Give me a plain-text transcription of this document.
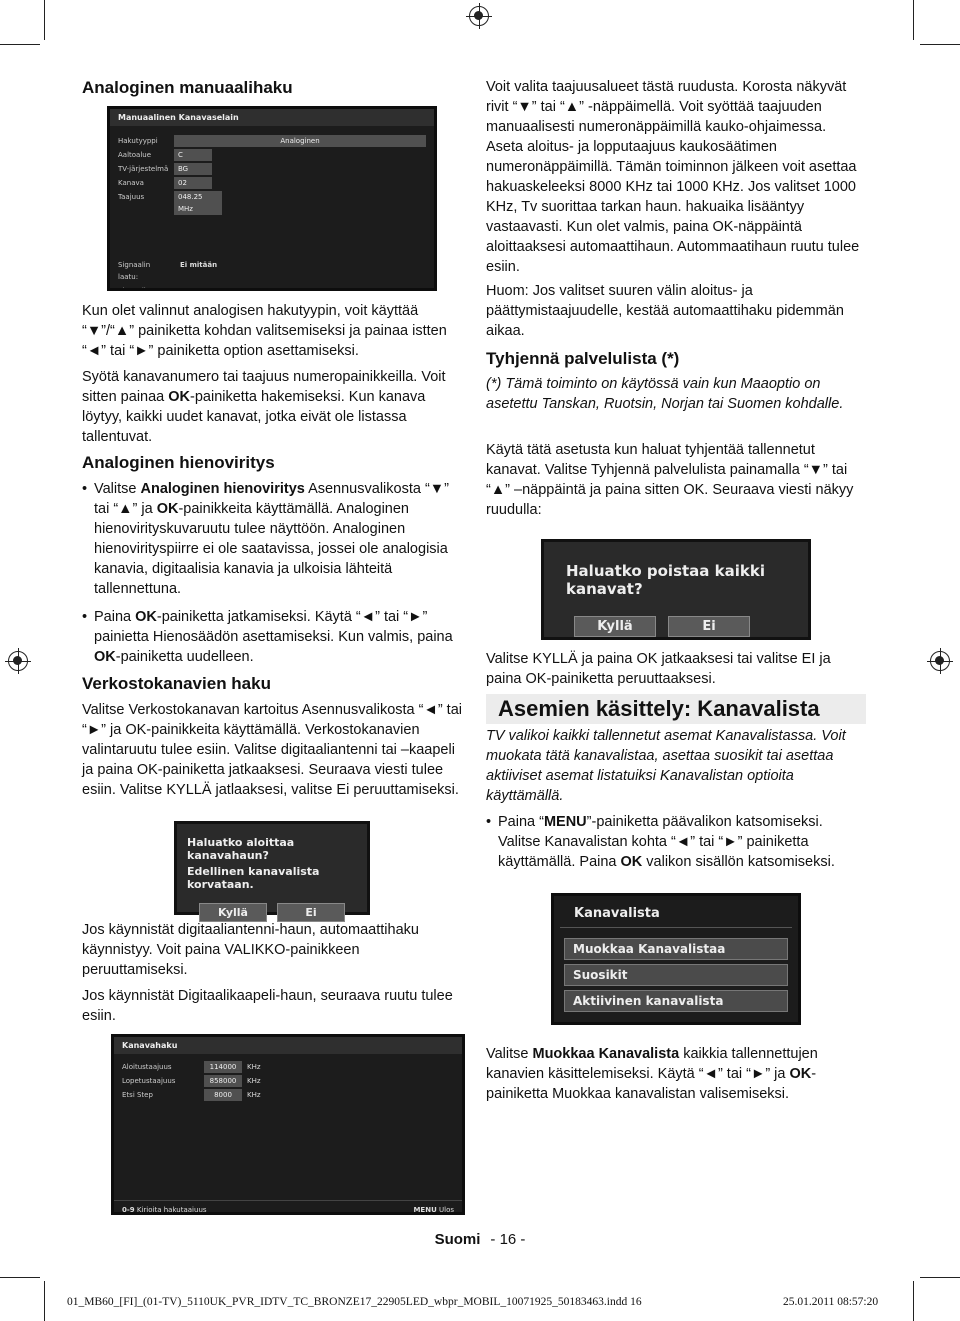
Analoginen manuaalihaku
Manuaalinen Kanavaselain
Hakutyyppi	Analoginen
Aaltoalue	C
TV-järjestelmä	BG
Kanava	02
Taajuus	048.25 MHz
Signaalin laatu:
Ei mitään
Signaalin taso:

Kun olet valinnut analogisen hakutyypin, voit käyttää “▼”/“▲” painiketta kohdan valitsemiseksi ja painaa istten “◄” tai “►” painiketta option asettamiseksi.

Syötä kanavanumero tai taajuus numeropainikkeilla. Voit sitten painaa OK-painiketta hakemiseksi. Kun kanava löytyy, kaikki uudet kanavat, jotka eivät ole listassa tallentuvat.

Analoginen hienoviritys
• Valitse Analoginen hienoviritys Asennusvalikosta “▼” tai “▲” ja OK-painikkeita käyttämällä. Analoginen hienovirityskuvaruutu tulee näyttöön. Analoginen hienovirityspiirre ei ole saatavissa, jossei ole analogisia kanavia, digitaalisia kanavia ja ulkoisia lähteitä tallennettuna.
• Paina OK-painiketta jatkamiseksi. Käytä “◄” tai “►” painietta Hienosäädön asettamiseksi. Kun valmis, paina OK-painiketta uudelleen.
Verkostokanavien haku

Valitse Verkostokanavan kartoitus Asennusvalikosta “◄” tai “►” ja OK-painikkeita käyttämällä. Verkostokanavien valintaruutu tulee esiin. Valitse digitaaliantenni tai –kaapeli ja paina OK-painiketta jatkaaksesi. Seuraava viesti tulee esiin. Valitse KYLLÄ jatlaaksesi, valitse Ei peruuttamiseksi.

Haluatko aloittaa kanavahaun?
Edellinen kanavalista korvataan.
Kyllä	Ei

Jos käynnistät digitaaliantenni-haun, automaattihaku käynnistyy. Voit paina VALIKKO-painikkeen peruuttamiseksi.

Jos käynnistät Digitaalikaapeli-haun, seuraava ruutu tulee esiin.

Kanavahaku
Aloitustaajuus	114000	KHz
Lopetustaajuus	858000	KHz
Etsi Step	8000	KHz
0-9 Kirjoita hakutaajuus	MENU Ulos

Voit valita taajuusalueet tästä ruudusta. Korosta näkyvät rivit “▼” tai “▲” -näppäimellä. Voit syöttää taajuuden manuaalisesti numeronäppäimillä kauko-ohjaimessa. Aseta aloitus- ja lopputaajuus kaukosäätimen numeronäppäimillä. Tämän toiminnon jälkeen voit asettaa hakuaskeleeksi 8000 KHz tai 1000 KHz. Jos valitset 1000 KHz, Tv suorittaa tarkan haun. hakuaika lisääntyy vastaavasti. Kun olet valmis, paina OK-näppäintä aloittaaksesi automaattihaun. Autommaatihaun ruutu tulee esiin.

Huom: Jos valitset suuren välin aloitus- ja päättymistaajuudelle, kestää automaattihaku pidemmän aikaa.

Tyhjennä palvelulista (*)

(*) Tämä toiminto on käytössä vain kun Maaoptio on asetettu Tanskan, Ruotsin, Norjan tai Suomen kohdalle.

Käytä tätä asetusta kun haluat tyhjentää tallennetut kanavat. Valitse Tyhjennä palvelulista painamalla “▼” tai “▲” –näppäintä ja paina sitten OK. Seuraava viesti näkyy ruudulla:

Haluatko poistaa kaikki kanavat?
Kyllä	Ei

Valitse KYLLÄ ja paina OK jatkaaksesi tai valitse EI ja paina OK-painiketta peruuttaaksesi.

Asemien käsittely: Kanavalista

TV valikoi kaikki tallennetut asemat Kanavalistassa. Voit muokata tätä kanavalistaa, asettaa suosikit tai asettaa aktiiviset asemat listatuiksi Kanavalistan optioita käyttämällä.

• Paina “MENU”-painiketta päävalikon katsomiseksi. Valitse Kanavalistan kohta “◄” tai “►” painiketta käyttämällä. Paina OK valikon sisällön katsomiseksi.
Kanavalista
Muokkaa Kanavalistaa
Suosikit
Aktiivinen kanavalista

Valitse Muokkaa Kanavalista kaikkia tallennettujen kanavien käsittelemiseksi. Käytä “◄” tai “►” ja OK-painiketta Muokkaa kanavalistan valisemiseksi.

Suomi - 16 -
01_MB60_[FI]_(01-TV)_5110UK_PVR_IDTV_TC_BRONZE17_22905LED_wbpr_MOBIL_10071925_50183463.indd 16	25.01.2011 08:57:20
